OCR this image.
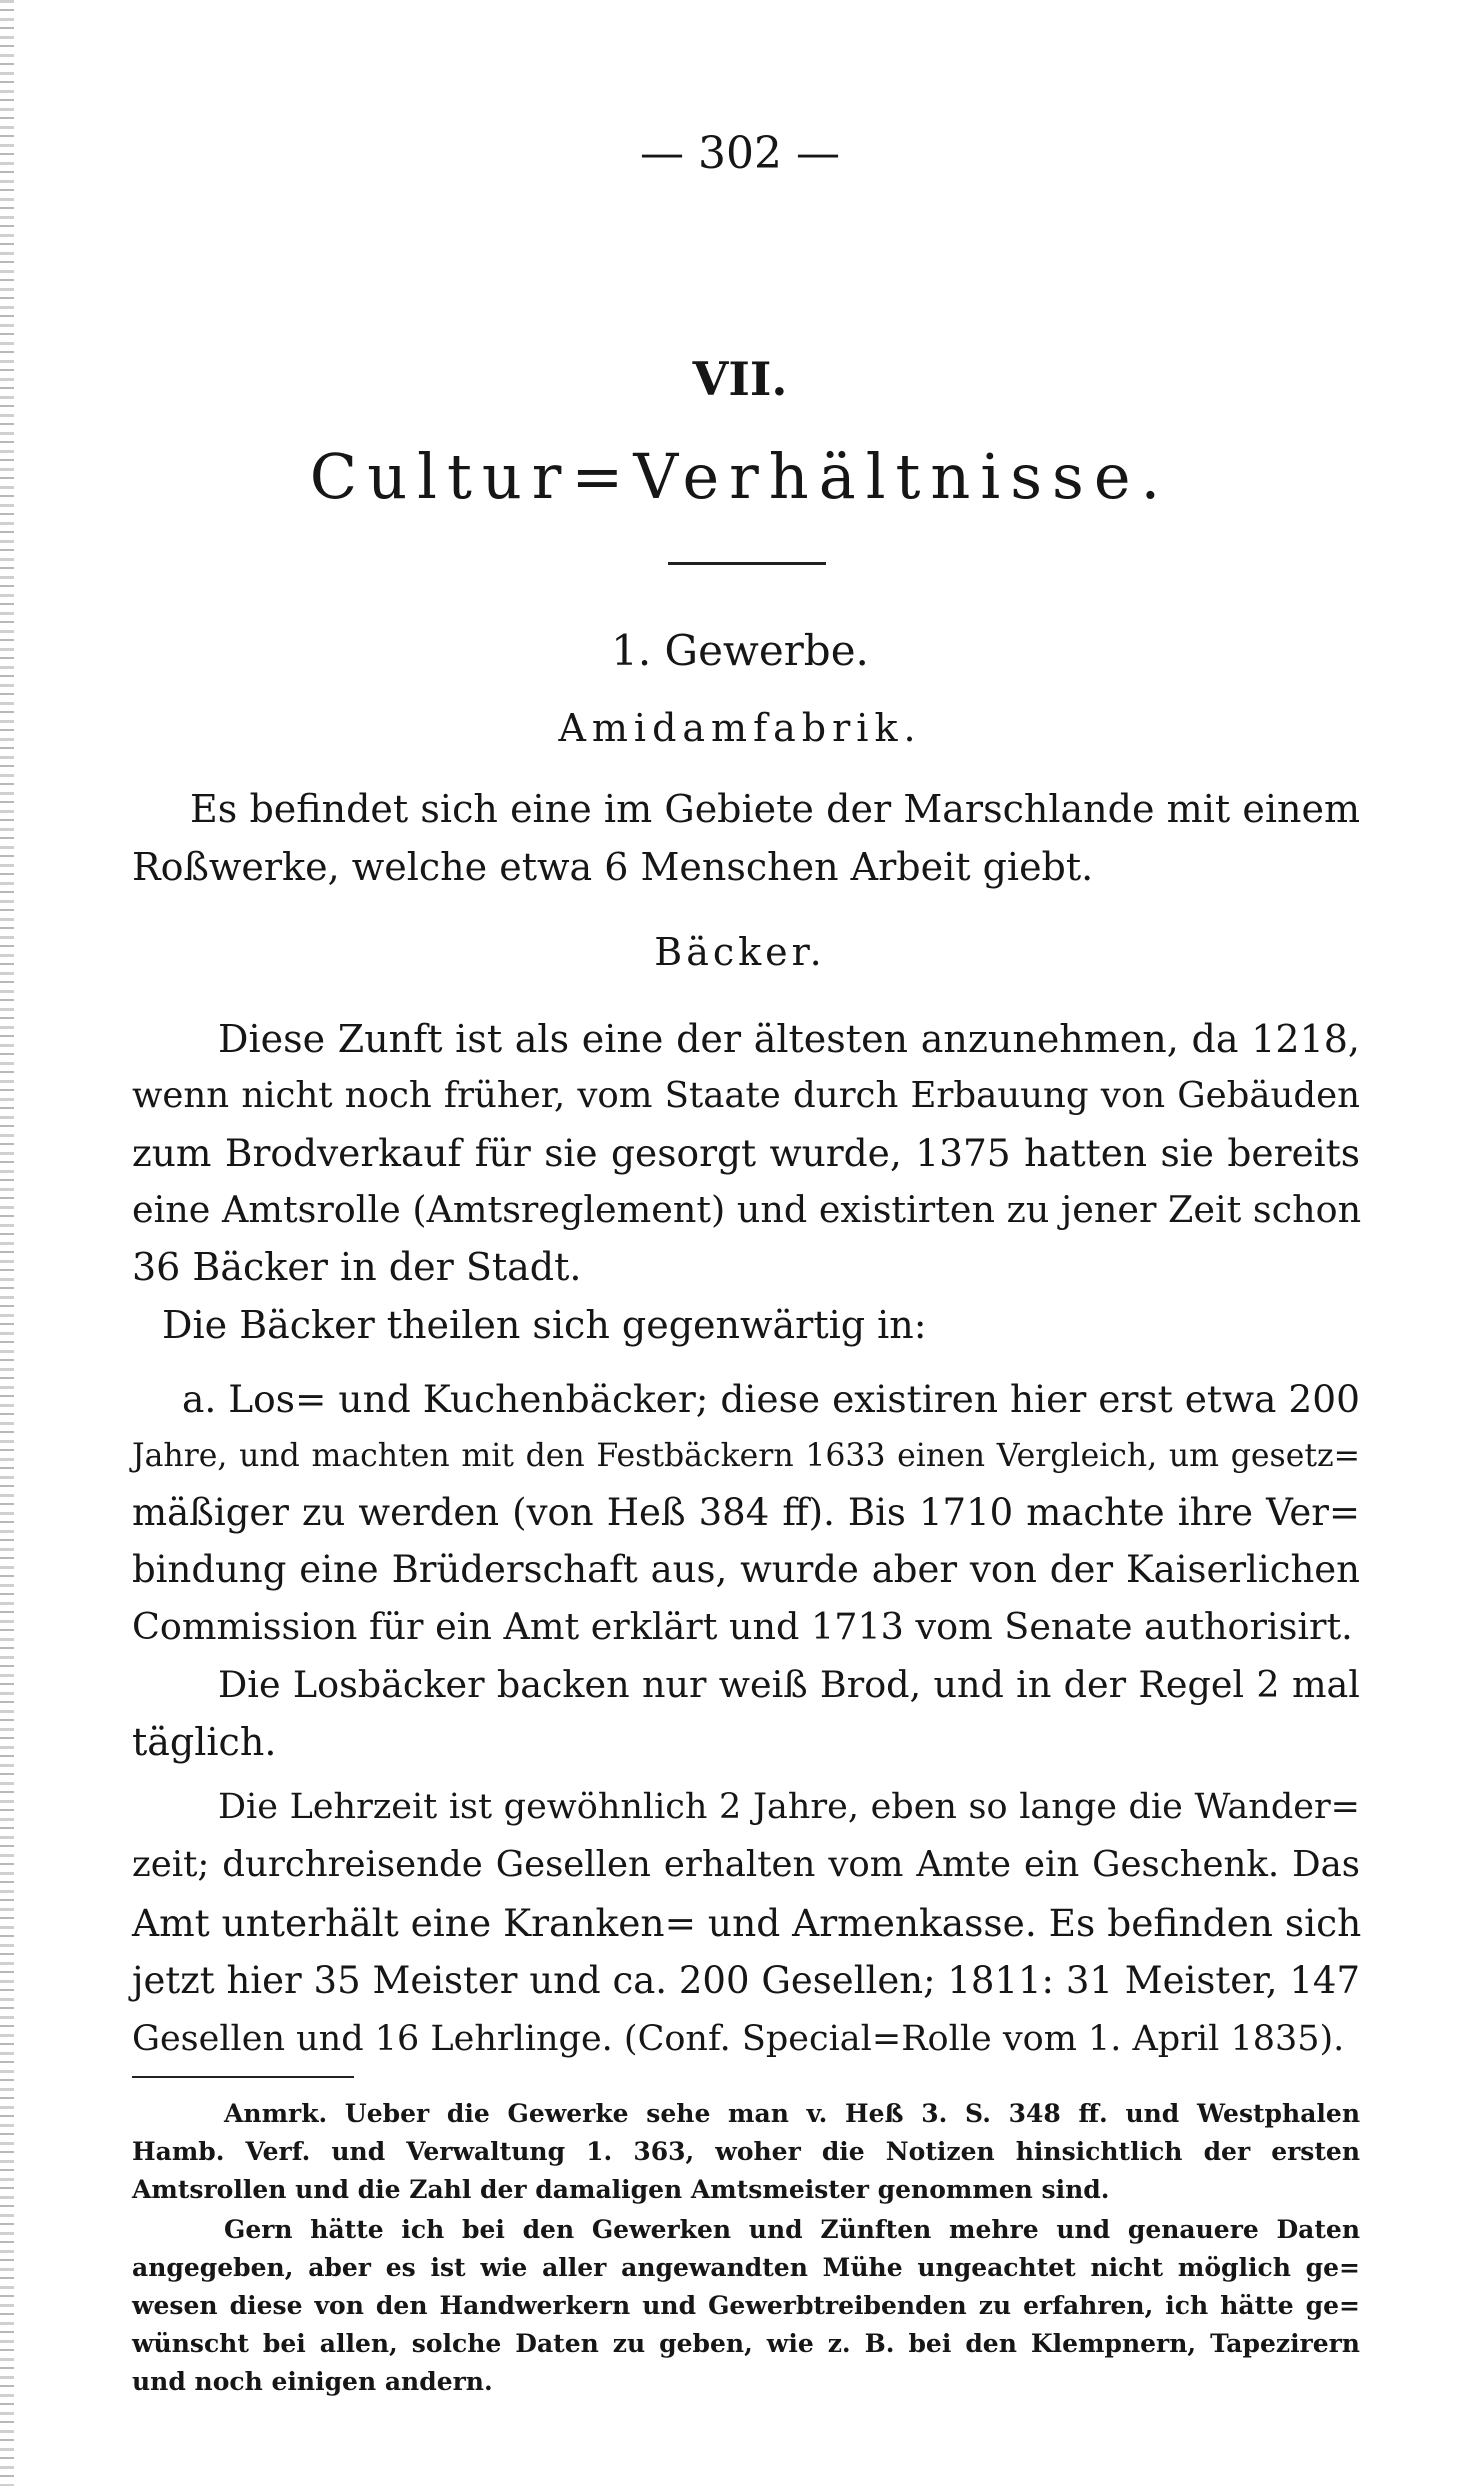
— 302 —

VII.

Cultur=Verhältnisse.

1. Gewerbe.

Amidamfabrik.

Es befindet sich eine im Gebiete der Marschlande mit einem
Roßwerke, welche etwa 6 Menschen Arbeit giebt.

Bäcker.

Diese Zunft ist als eine der ältesten anzunehmen, da 1218,
wenn nicht noch früher, vom Staate durch Erbauung von Gebäuden
zum Brodverkauf für sie gesorgt wurde, 1375 hatten sie bereits
eine Amtsrolle (Amtsreglement) und existirten zu jener Zeit schon
36 Bäcker in der Stadt.
Die Bäcker theilen sich gegenwärtig in:
a. Los= und Kuchenbäcker; diese existiren hier erst etwa 200
Jahre, und machten mit den Festbäckern 1633 einen Vergleich, um gesetz=
mäßiger zu werden (von Heß 384 ff). Bis 1710 machte ihre Ver=
bindung eine Brüderschaft aus, wurde aber von der Kaiserlichen
Commission für ein Amt erklärt und 1713 vom Senate authorisirt.
Die Losbäcker backen nur weiß Brod, und in der Regel 2 mal
täglich.
Die Lehrzeit ist gewöhnlich 2 Jahre, eben so lange die Wander=
zeit; durchreisende Gesellen erhalten vom Amte ein Geschenk. Das
Amt unterhält eine Kranken= und Armenkasse. Es befinden sich
jetzt hier 35 Meister und ca. 200 Gesellen; 1811: 31 Meister, 147
Gesellen und 16 Lehrlinge. (Conf. Special=Rolle vom 1. April 1835).
Anmrk. Ueber die Gewerke sehe man v. Heß 3. S. 348 ff. und Westphalen
Hamb. Verf. und Verwaltung 1. 363, woher die Notizen hinsichtlich der ersten
Amtsrollen und die Zahl der damaligen Amtsmeister genommen sind.
Gern hätte ich bei den Gewerken und Zünften mehre und genauere Daten
angegeben, aber es ist wie aller angewandten Mühe ungeachtet nicht möglich ge=
wesen diese von den Handwerkern und Gewerbtreibenden zu erfahren, ich hätte ge=
wünscht bei allen, solche Daten zu geben, wie z. B. bei den Klempnern, Tapezirern
und noch einigen andern.
